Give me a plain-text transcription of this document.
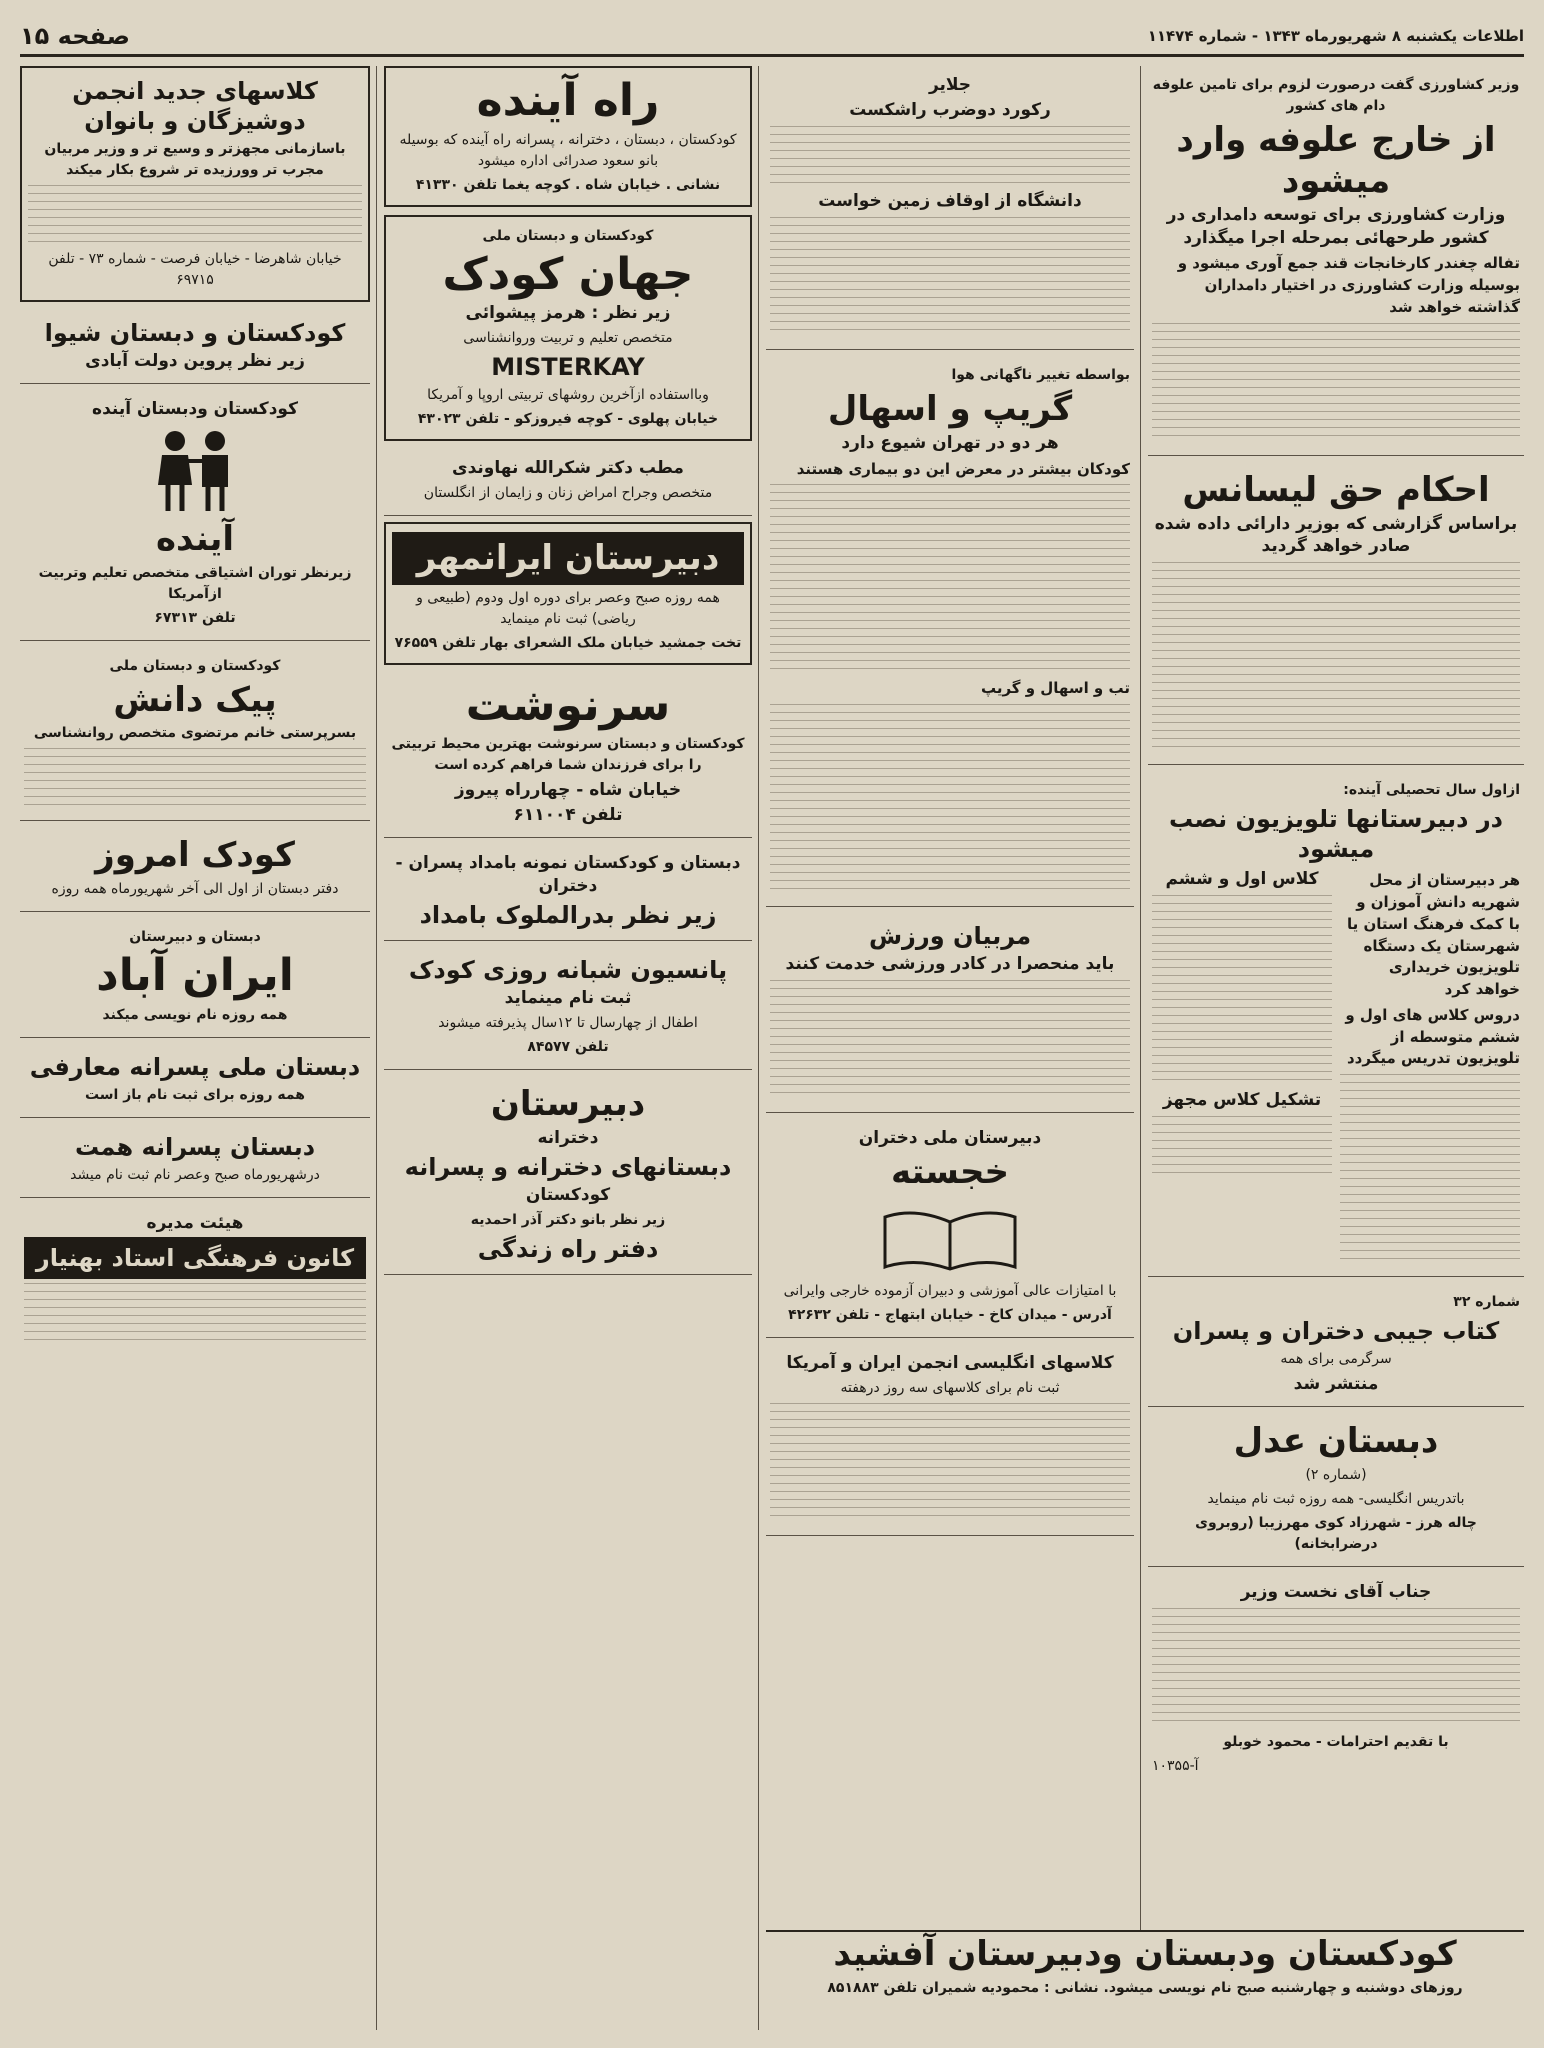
اطلاعات یکشنبه ۸ شهریورماه ۱۳۴۳ - شماره ۱۱۴۷۴
صفحه ۱۵
وزیر کشاورزی گفت درصورت لزوم برای تامین علوفه دام های کشور
از خارج علوفه وارد میشود
وزارت کشاورزی برای توسعه دامداری در کشور طرحهائی بمرحله اجرا میگذارد
تفاله چغندر کارخانجات قند جمع آوری میشود و بوسیله وزارت کشاورزی در اختیار دامداران گذاشته خواهد شد
احکام حق لیسانس
براساس گزارشی که بوزیر دارائی داده شده صادر خواهد گردید
ازاول سال تحصیلی آینده:
در دبیرستانها تلویزیون نصب میشود
هر دبیرستان از محل شهریه دانش آموزان و با کمک فرهنگ استان یا شهرستان یک دستگاه تلویزیون خریداری خواهد کرد
دروس کلاس های اول و ششم متوسطه از تلویزیون تدریس میگردد
کلاس اول و ششم
تشکیل کلاس مجهز
شماره ۳۲
کتاب جیبی دختران و پسران
سرگرمی برای همه
منتشر شد
دبستان عدل
(شماره ۲)
باتدریس انگلیسی- همه روزه ثبت نام مینماید
چاله هرز - شهرزاد کوی مهرزیبا (روبروی درضرابخانه)
جناب آقای نخست وزیر
با تقدیم احترامات - محمود خوبلو
آ-۱۰۳۵۵
جلایر
رکورد دوضرب راشکست
دانشگاه از اوقاف زمین خواست
بواسطه تغییر ناگهانی هوا
گریپ و اسهال
هر دو در تهران شیوع دارد
کودکان بیشتر در معرض این دو بیماری هستند
تب و اسهال و گریپ
مربیان ورزش
باید منحصرا در کادر ورزشی خدمت کنند
دبیرستان ملی دختران
خجسته
با امتیازات عالی آموزشی و دبیران آزموده خارجی وایرانی
آدرس - میدان کاخ - خیابان ابتهاج - تلفن ۴۲۶۳۲
کلاسهای انگلیسی انجمن ایران و آمریکا
ثبت نام برای کلاسهای سه روز درهفته
راه آینده
کودکستان ، دبستان ، دخترانه ، پسرانه راه آینده که بوسیله بانو سعود صدرائی اداره میشود
نشانی . خیابان شاه . کوچه یغما تلفن ۴۱۳۳۰
کودکستان و دبستان ملی
جهان کودک
زیر نظر : هرمز پیشوائی
متخصص تعلیم و تربیت وروانشناسی
MISTERKAY
وبااستفاده ازآخرین روشهای تربیتی اروپا و آمریکا
خیابان پهلوی - کوچه فیروزکو - تلفن ۴۳۰۲۳
مطب دکتر شکرالله نهاوندی
متخصص وجراح امراض زنان و زایمان از انگلستان
دبیرستان ایرانمهر
همه روزه صبح وعصر برای دوره اول ودوم (طبیعی و ریاضی) ثبت نام مینماید
تخت جمشید خیابان ملک الشعرای بهار تلفن ۷۶۵۵۹
سرنوشت
کودکستان و دبستان سرنوشت بهترین محیط تربیتی را برای فرزندان شما فراهم کرده است
خیابان شاه - چهارراه پیروز
تلفن ۶۱۱۰۰۴
دبستان و کودکستان نمونه بامداد پسران - دختران
زیر نظر بدرالملوک بامداد
پانسیون شبانه روزی کودک
ثبت نام مینماید
اطفال از چهارسال تا ۱۲سال پذیرفته میشوند
تلفن ۸۴۵۷۷
دبیرستان
دخترانه
دبستانهای دخترانه و پسرانه
کودکستان
زیر نظر بانو دکتر آذر احمدیه
دفتر راه زندگی
کلاسهای جدید انجمن دوشیزگان و بانوان
باسازمانی مجهزتر و وسیع تر و وزیر مربیان مجرب تر وورزیده تر شروع بکار میکند
خیابان شاهرضا - خیابان فرصت - شماره ۷۳ - تلفن ۶۹۷۱۵
کودکستان و دبستان شیوا
زیر نظر پروین دولت آبادی
کودکستان ودبستان آینده
آینده
زیرنظر توران اشتیاقی متخصص تعلیم وتربیت ازآمریکا
تلفن ۶۷۳۱۳
کودکستان و دبستان ملی
پیک دانش
بسرپرستی خانم مرتضوی متخصص روانشناسی
کودک امروز
دفتر دبستان از اول الی آخر شهریورماه همه روزه
دبستان و دبیرستان
ایران آباد
همه روزه نام نویسی میکند
دبستان ملی پسرانه معارفی
همه روزه برای ثبت نام باز است
دبستان پسرانه همت
درشهریورماه صبح وعصر نام ثبت نام میشد
هیئت مدیره
کانون فرهنگی استاد بهنیار
کودکستان ودبستان ودبیرستان آفشید
روزهای دوشنبه و چهارشنبه صبح نام نویسی میشود. نشانی : محمودیه شمیران تلفن ۸۵۱۸۸۳
